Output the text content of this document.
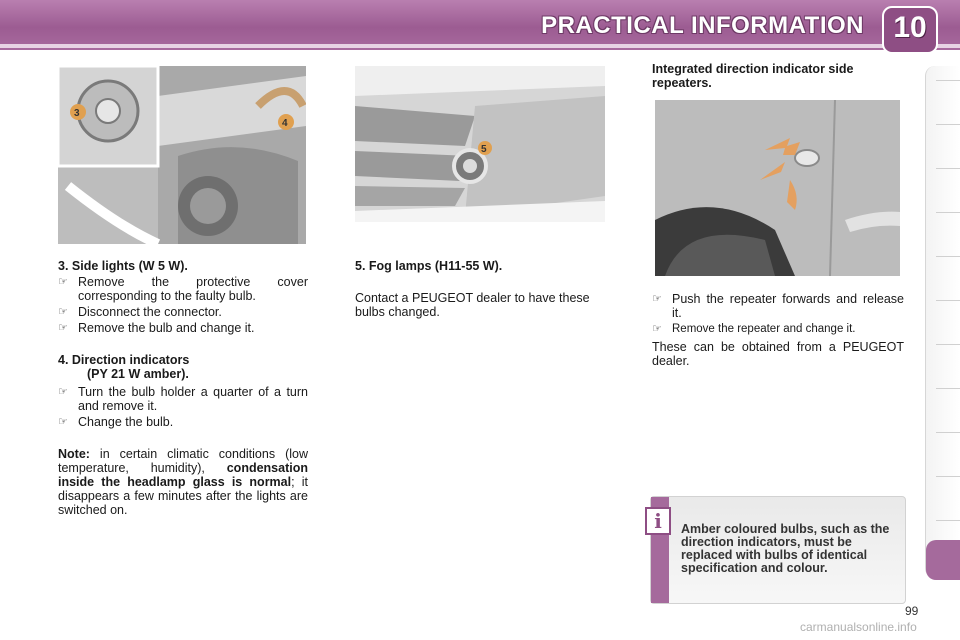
PRACTICAL INFORMATION 10
3
4
5

3. Side lights (W 5 W).

☞ Remove the protective cover corresponding to the faulty bulb.
☞ Disconnect the connector.
☞ Remove the bulb and change it.

4. Direction indicators

(PY 21 W amber).

☞ Turn the bulb holder a quarter of a turn and remove it.
☞ Change the bulb.

Note: in certain climatic conditions (low temperature, humidity), condensation inside the headlamp glass is normal; it disappears a few minutes after the lights are switched on.

5. Fog lamps (H11-55 W).

Contact a PEUGEOT dealer to have these bulbs changed.

Integrated direction indicator side repeaters.

☞ Push the repeater forwards and release it.
☞ Remove the repeater and change it.

These can be obtained from a PEUGEOT dealer.

i	Amber coloured bulbs, such as the direction indicators, must be replaced with bulbs of identical specification and colour.
99
carmanualsonline.info
